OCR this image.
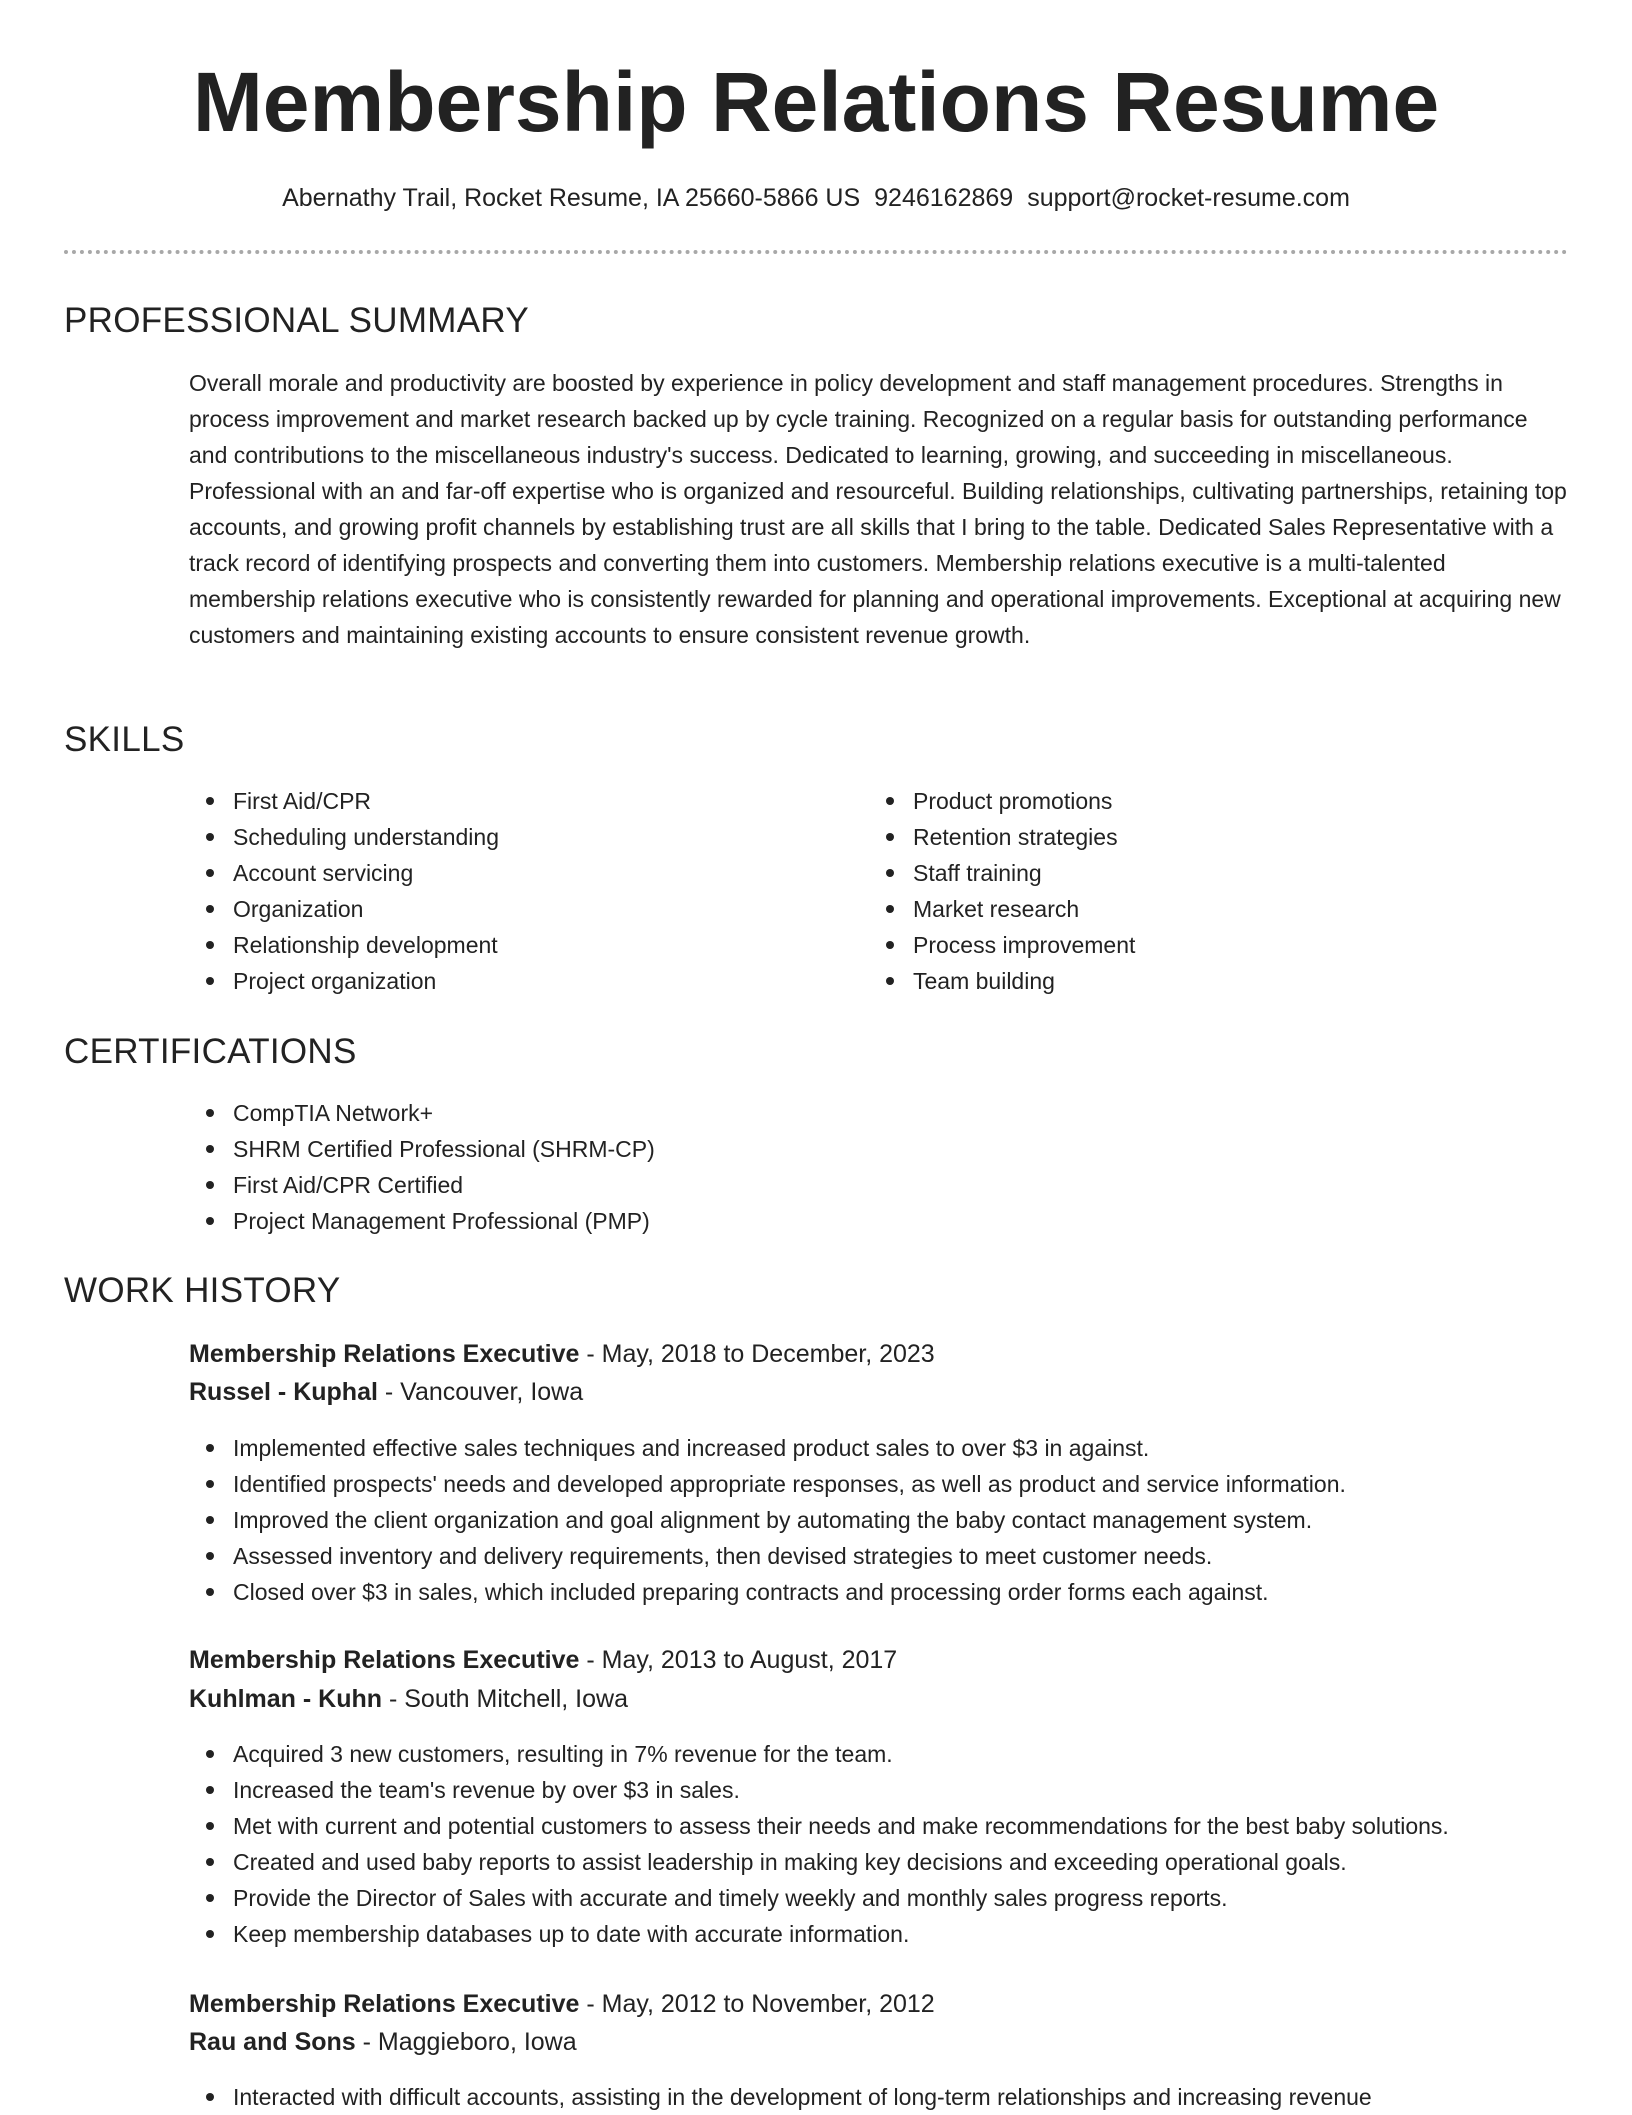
Membership Relations Resume
Abernathy Trail, Rocket Resume, IA 25660-5866 US 9246162869 support@rocket-resume.com
PROFESSIONAL SUMMARY

Overall morale and productivity are boosted by experience in policy development and staff management procedures. Strengths in process improvement and market research backed up by cycle training. Recognized on a regular basis for outstanding performance and contributions to the miscellaneous industry's success. Dedicated to learning, growing, and succeeding in miscellaneous. Professional with an and far-off expertise who is organized and resourceful. Building relationships, cultivating partnerships, retaining top accounts, and growing profit channels by establishing trust are all skills that I bring to the table. Dedicated Sales Representative with a track record of identifying prospects and converting them into customers. Membership relations executive is a multi-talented membership relations executive who is consistently rewarded for planning and operational improvements. Exceptional at acquiring new customers and maintaining existing accounts to ensure consistent revenue growth.

SKILLS
First Aid/CPR
Scheduling understanding
Account servicing
Organization
Relationship development
Project organization
Product promotions
Retention strategies
Staff training
Market research
Process improvement
Team building
CERTIFICATIONS
CompTIA Network+
SHRM Certified Professional (SHRM-CP)
First Aid/CPR Certified
Project Management Professional (PMP)
WORK HISTORY
Membership Relations Executive - May, 2018 to December, 2023
Russel - Kuphal - Vancouver, Iowa
Implemented effective sales techniques and increased product sales to over $3 in against.
Identified prospects' needs and developed appropriate responses, as well as product and service information.
Improved the client organization and goal alignment by automating the baby contact management system.
Assessed inventory and delivery requirements, then devised strategies to meet customer needs.
Closed over $3 in sales, which included preparing contracts and processing order forms each against.
Membership Relations Executive - May, 2013 to August, 2017
Kuhlman - Kuhn - South Mitchell, Iowa
Acquired 3 new customers, resulting in 7% revenue for the team.
Increased the team's revenue by over $3 in sales.
Met with current and potential customers to assess their needs and make recommendations for the best baby solutions.
Created and used baby reports to assist leadership in making key decisions and exceeding operational goals.
Provide the Director of Sales with accurate and timely weekly and monthly sales progress reports.
Keep membership databases up to date with accurate information.
Membership Relations Executive - May, 2012 to November, 2012
Rau and Sons - Maggieboro, Iowa
Interacted with difficult accounts, assisting in the development of long-term relationships and increasing revenue
